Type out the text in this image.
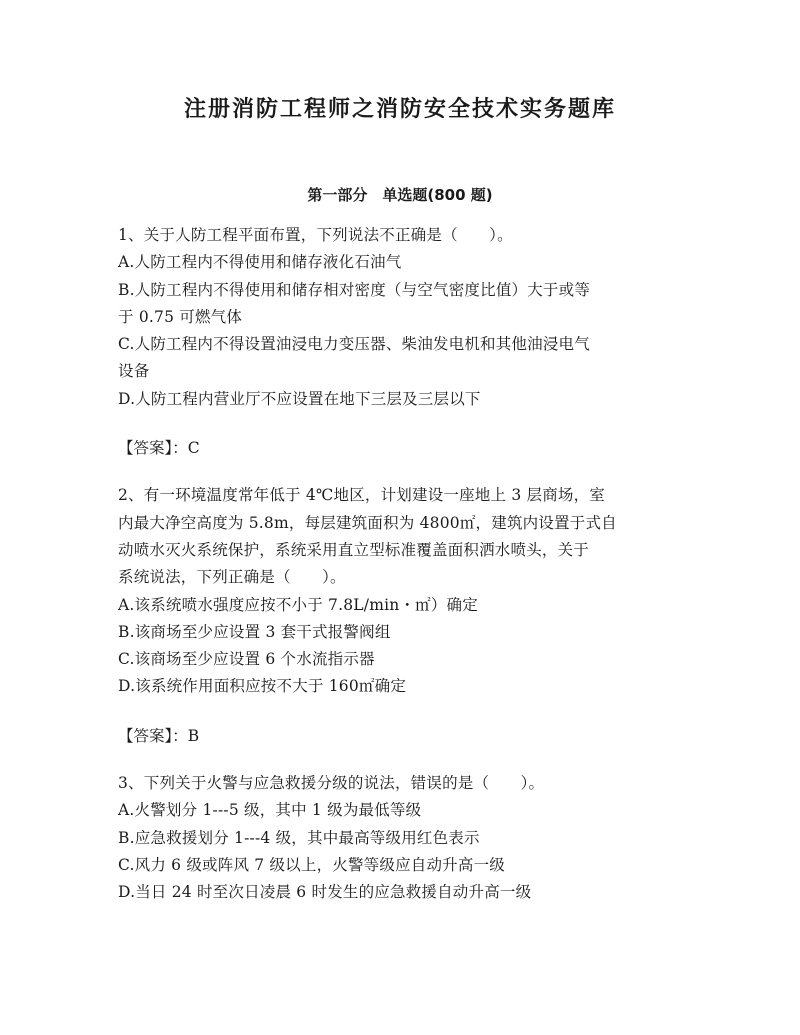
注册消防工程师之消防安全技术实务题库
第一部分　单选题(800 题)
1、关于人防工程平面布置，下列说法不正确是（　　）。
A.人防工程内不得使用和储存液化石油气
B.人防工程内不得使用和储存相对密度（与空气密度比值）大于或等
于 0.75 可燃气体
C.人防工程内不得设置油浸电力变压器、柴油发电机和其他油浸电气
设备
D.人防工程内营业厅不应设置在地下三层及三层以下
【答案】：C
2、有一环境温度常年低于 4℃地区，计划建设一座地上 3 层商场，室
内最大净空高度为 5.8m，每层建筑面积为 4800㎡，建筑内设置于式自
动喷水灭火系统保护，系统采用直立型标准覆盖面积洒水喷头，关于
系统说法，下列正确是（　　）。
A.该系统喷水强度应按不小于 7.8L/min・㎡）确定
B.该商场至少应设置 3 套干式报警阀组
C.该商场至少应设置 6 个水流指示器
D.该系统作用面积应按不大于 160㎡确定
【答案】：B
3、下列关于火警与应急救援分级的说法，错误的是（　　）。
A.火警划分 1---5 级，其中 1 级为最低等级
B.应急救援划分 1---4 级，其中最高等级用红色表示
C.风力 6 级或阵风 7 级以上，火警等级应自动升高一级
D.当日 24 时至次日凌晨 6 时发生的应急救援自动升高一级
